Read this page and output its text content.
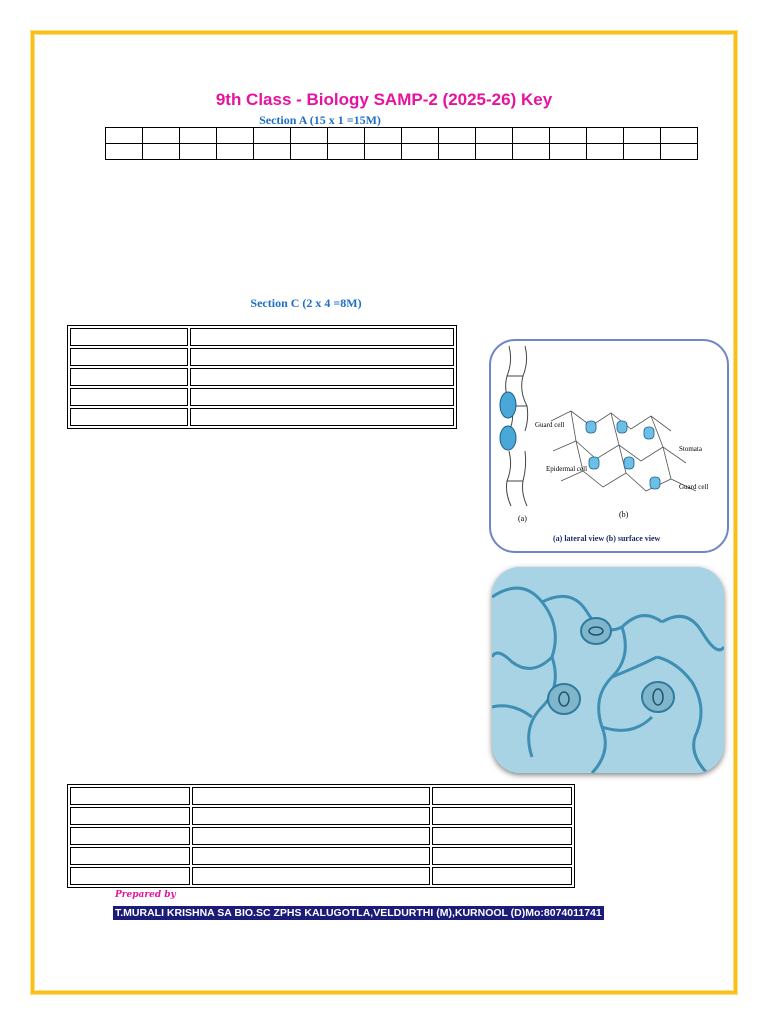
9th Class - Biology SAMP-2 (2025-26) Key
Section A (15 x 1 =15M)

Section C (2 x 4 =8M)

Guard cell
Stomata
Epidermal cell
Guard cell
(a)	(b)
(a) lateral view (b) surface view

Prepared by
T.MURALI KRISHNA SA BIO.SC ZPHS KALUGOTLA,VELDURTHI (M),KURNOOL (D)Mo:8074011741
